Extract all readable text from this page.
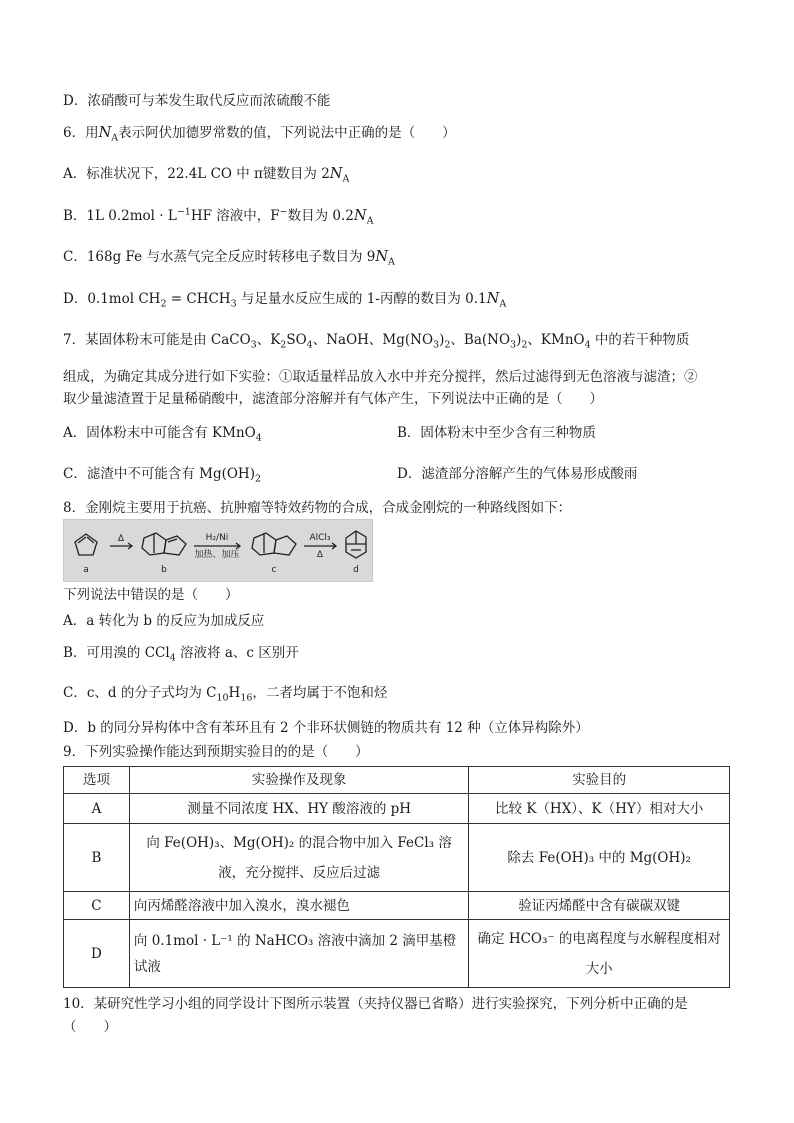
D．浓硝酸可与苯发生取代反应而浓硫酸不能
6．用$N_A$表示阿伏加德罗常数的值，下列说法中正确的是（　　）
A．标准状况下，22.4L CO 中 π键数目为 $2N_A$
B．1L $0.2mol \cdot L^{-1}HF$ 溶液中，F−数目为 $0.2N_A$
C．168g Fe 与水蒸气完全反应时转移电子数目为 $9N_A$
D．0.1mol $CH_2$ = $CHCH_3$ 与足量水反应生成的 1-丙醇的数目为 $0.1N_A$
7．某固体粉末可能是由 CaCO$_3$、$K_2SO_4$、NaOH、$Mg(NO_3)_2$、$Ba(NO_3)_2$、KMnO$_4$ 中的若干种物质
组成，为确定其成分进行如下实验：①取适量样品放入水中并充分搅拌，然后过滤得到无色溶液与滤渣；②
取少量滤渣置于足量稀硝酸中，滤渣部分溶解并有气体产生，下列说法中正确的是（　　）
A．固体粉末中可能含有 KMnO$_4$	B．固体粉末中至少含有三种物质
C．滤渣中不可能含有 $Mg(OH)_2$	D．滤渣部分溶解产生的气体易形成酸雨
8．金刚烷主要用于抗癌、抗肿瘤等特效药物的合成，合成金刚烷的一种路线图如下：
a	b	c	d
Δ	H₂/Ni
加热、加压
AlCl₃
Δ
下列说法中错误的是（　　）
A．a 转化为 b 的反应为加成反应
B．可用溴的 CCl$_4$ 溶液将 a、c 区别开
C．c、d 的分子式均为 $C_{10}H_{16}$，二者均属于不饱和烃
D．b 的同分异构体中含有苯环且有 2 个非环状侧链的物质共有 12 种（立体异构除外）
9．下列实验操作能达到预期实验目的的是（　　）
选项	实验操作及现象	实验目的
A	测量不同浓度 HX、HY 酸溶液的 pH	比较 K（HX）、K（HY）相对大小
B	向 Fe(OH)₃、Mg(OH)₂ 的混合物中加入 FeCl₃ 溶液，充分搅拌、反应后过滤	除去 Fe(OH)₃ 中的 Mg(OH)₂
C	向丙烯醛溶液中加入溴水，溴水褪色	验证丙烯醛中含有碳碳双键
D	向 0.1mol · L⁻¹ 的 NaHCO₃ 溶液中滴加 2 滴甲基橙试液	确定 HCO₃⁻ 的电离程度与水解程度相对大小
10．某研究性学习小组的同学设计下图所示装置（夹持仪器已省略）进行实验探究，下列分析中正确的是
（　　）
